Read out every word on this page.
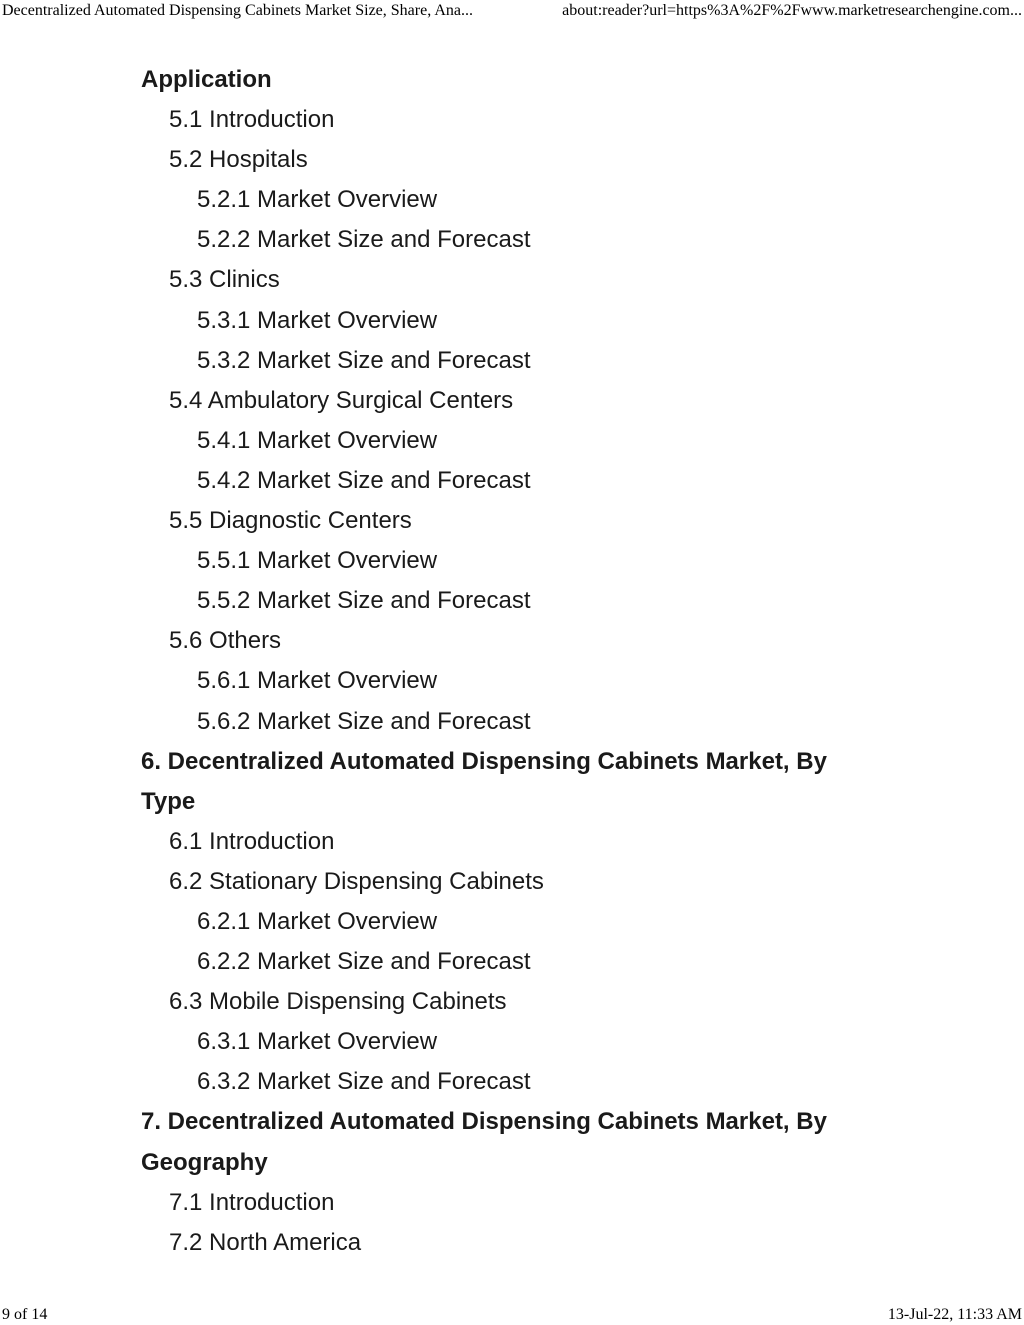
Decentralized Automated Dispensing Cabinets Market Size, Share, Ana...	about:reader?url=https%3A%2F%2Fwww.marketresearchengine.com...
Application
5.1 Introduction
5.2 Hospitals
5.2.1 Market Overview
5.2.2 Market Size and Forecast
5.3 Clinics
5.3.1 Market Overview
5.3.2 Market Size and Forecast
5.4 Ambulatory Surgical Centers
5.4.1 Market Overview
5.4.2 Market Size and Forecast
5.5 Diagnostic Centers
5.5.1 Market Overview
5.5.2 Market Size and Forecast
5.6 Others
5.6.1 Market Overview
5.6.2 Market Size and Forecast
6. Decentralized Automated Dispensing Cabinets Market, By Type
6.1 Introduction
6.2 Stationary Dispensing Cabinets
6.2.1 Market Overview
6.2.2 Market Size and Forecast
6.3 Mobile Dispensing Cabinets
6.3.1 Market Overview
6.3.2 Market Size and Forecast
7. Decentralized Automated Dispensing Cabinets Market, By Geography
7.1 Introduction
7.2 North America
9 of 14	13-Jul-22, 11:33 AM
